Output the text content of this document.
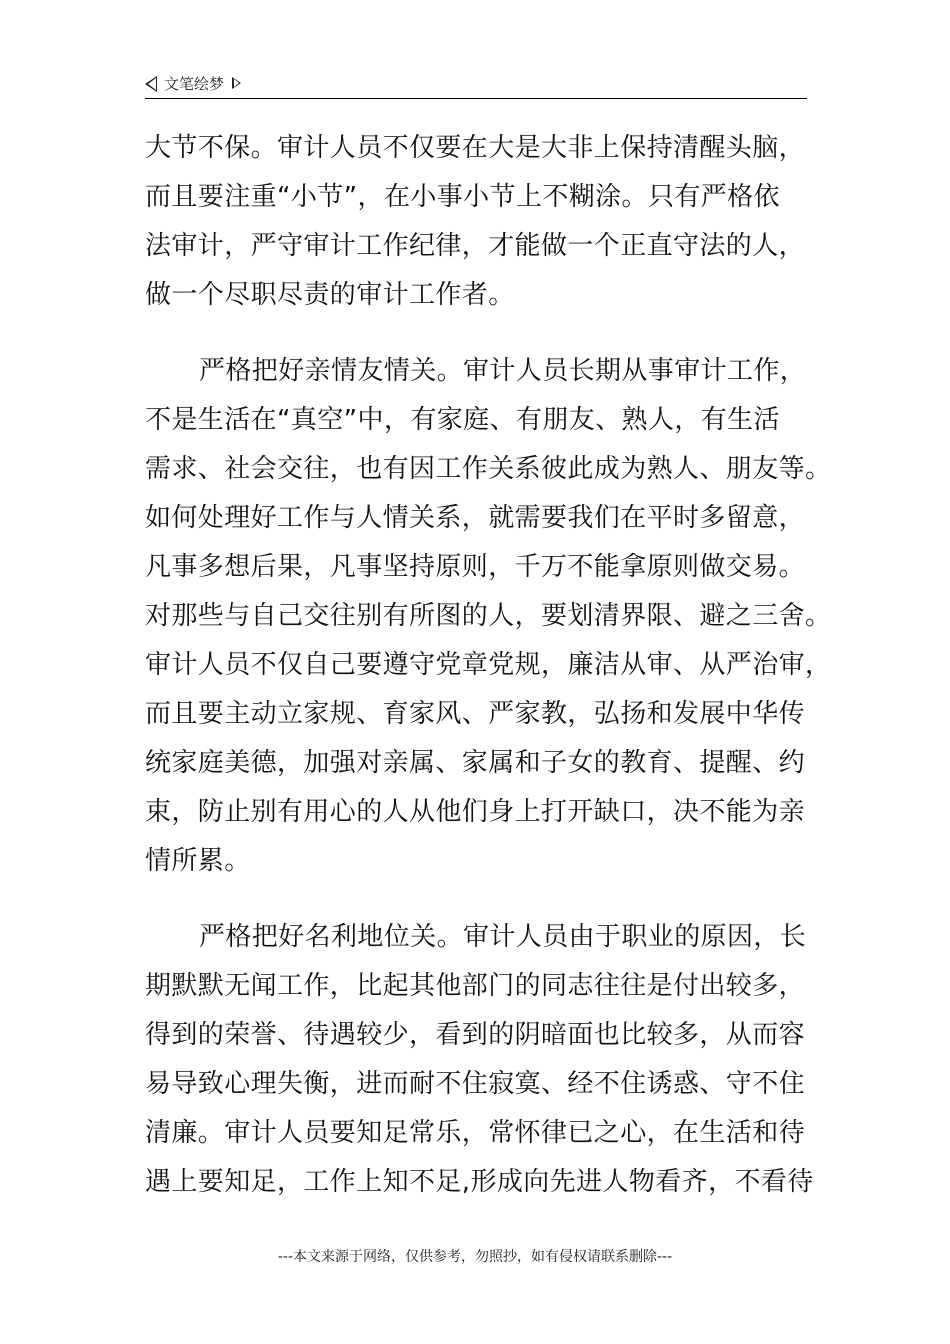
文笔绘梦
大节不保。审计人员不仅要在大是大非上保持清醒头脑，
而且要注重“小节”，在小事小节上不糊涂。只有严格依
法审计，严守审计工作纪律，才能做一个正直守法的人，
做一个尽职尽责的审计工作者。
严格把好亲情友情关。审计人员长期从事审计工作，
不是生活在“真空”中，有家庭、有朋友、熟人，有生活
需求、社会交往，也有因工作关系彼此成为熟人、朋友等。
如何处理好工作与人情关系，就需要我们在平时多留意，
凡事多想后果，凡事坚持原则，千万不能拿原则做交易。
对那些与自己交往别有所图的人，要划清界限、避之三舍。
审计人员不仅自己要遵守党章党规，廉洁从审、从严治审，
而且要主动立家规、育家风、严家教，弘扬和发展中华传
统家庭美德，加强对亲属、家属和子女的教育、提醒、约
束，防止别有用心的人从他们身上打开缺口，决不能为亲
情所累。
严格把好名利地位关。审计人员由于职业的原因，长
期默默无闻工作，比起其他部门的同志往往是付出较多，
得到的荣誉、待遇较少，看到的阴暗面也比较多，从而容
易导致心理失衡，进而耐不住寂寞、经不住诱惑、守不住
清廉。审计人员要知足常乐，常怀律已之心，在生活和待
遇上要知足，工作上知不足,形成向先进人物看齐，不看待
---本文来源于网络，仅供参考，勿照抄，如有侵权请联系删除---
